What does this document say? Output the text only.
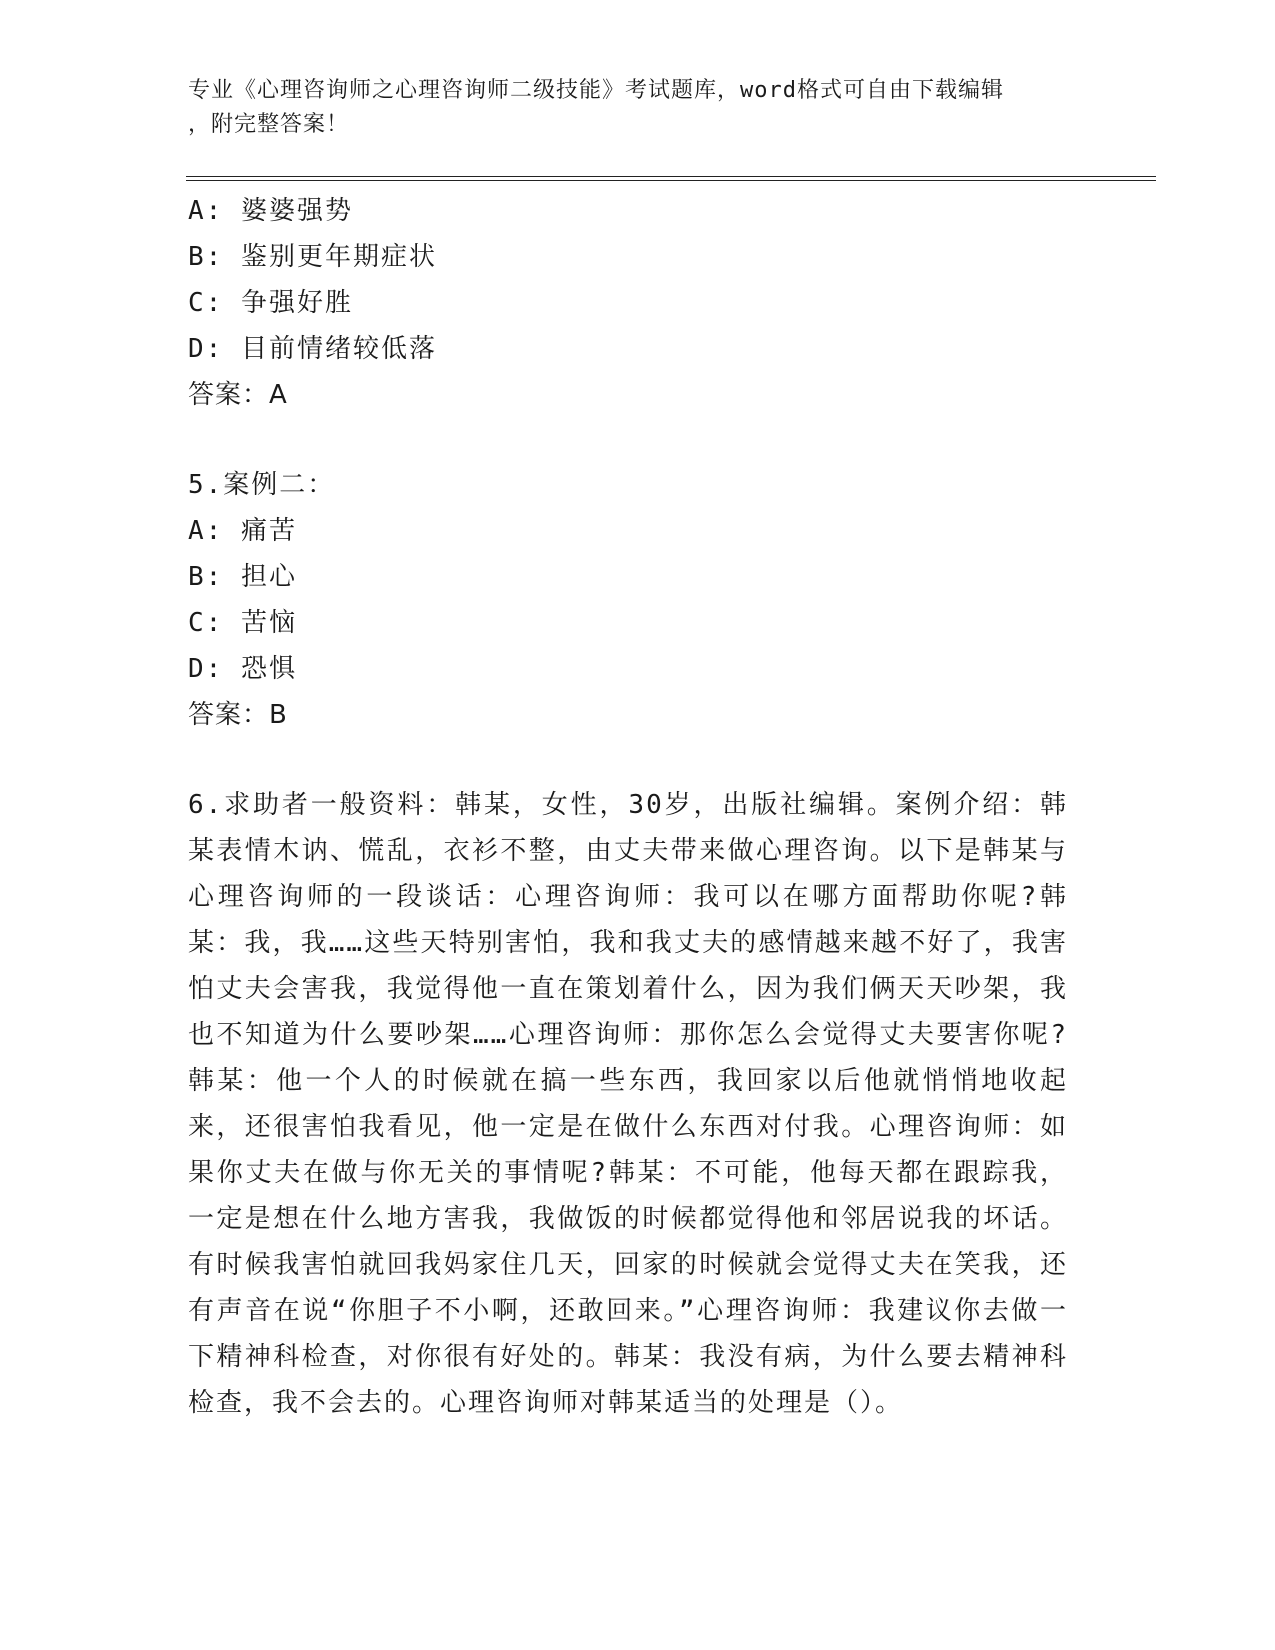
专业《心理咨询师之心理咨询师二级技能》考试题库，word格式可自由下载编辑
，附完整答案！
A: 婆婆强势
B: 鉴别更年期症状
C: 争强好胜
D: 目前情绪较低落
答案：A
5.案例二：
A: 痛苦
B: 担心
C: 苦恼
D: 恐惧
答案：B
6.求助者一般资料：韩某，女性，30岁，出版社编辑。案例介绍：韩某表情木讷、慌乱，衣衫不整，由丈夫带来做心理咨询。以下是韩某与心理咨询师的一段谈话：心理咨询师：我可以在哪方面帮助你呢?韩某：我，我……这些天特别害怕，我和我丈夫的感情越来越不好了，我害怕丈夫会害我，我觉得他一直在策划着什么，因为我们俩天天吵架，我也不知道为什么要吵架……心理咨询师：那你怎么会觉得丈夫要害你呢?韩某：他一个人的时候就在搞一些东西，我回家以后他就悄悄地收起来，还很害怕我看见，他一定是在做什么东西对付我。心理咨询师：如果你丈夫在做与你无关的事情呢?韩某：不可能，他每天都在跟踪我，一定是想在什么地方害我，我做饭的时候都觉得他和邻居说我的坏话。有时候我害怕就回我妈家住几天，回家的时候就会觉得丈夫在笑我，还有声音在说“你胆子不小啊，还敢回来。”心理咨询师：我建议你去做一下精神科检查，对你很有好处的。韩某：我没有病，为什么要去精神科检查，我不会去的。心理咨询师对韩某适当的处理是（）。
